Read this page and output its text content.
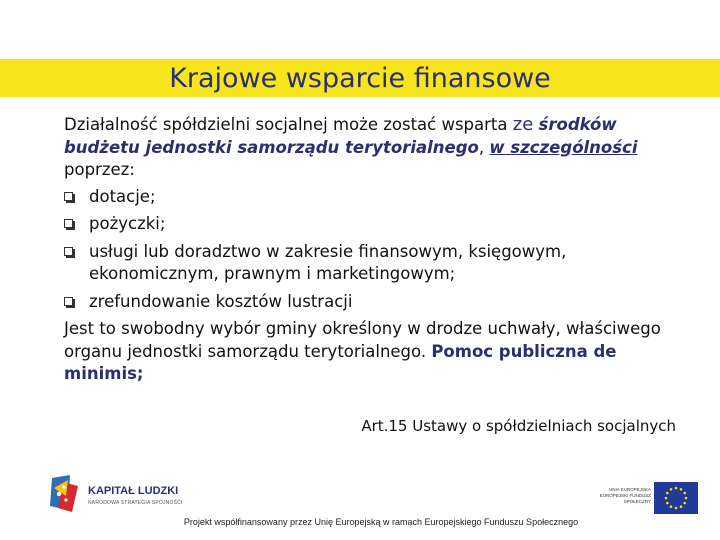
Krajowe wsparcie finansowe

Działalność spółdzielni socjalnej może zostać wsparta ze środków budżetu jednostki samorządu terytorialnego, w szczególności poprzez:

dotacje;
pożyczki;
usługi lub doradztwo w zakresie finansowym, księgowym, ekonomicznym, prawnym i marketingowym;
zrefundowanie kosztów lustracji

Jest to swobodny wybór gminy określony w drodze uchwały, właściwego organu jednostki samorządu terytorialnego. Pomoc publiczna de minimis;

Art.15 Ustawy o spółdzielniach socjalnych
KAPITAŁ LUDZKI
NARODOWA STRATEGIA SPÓJNOŚCI
UNIA EUROPEJSKA EUROPEJSKI FUNDUSZ SPOŁECZNY
Projekt współfinansowany przez Unię Europejską w ramach Europejskiego Funduszu Społecznego
